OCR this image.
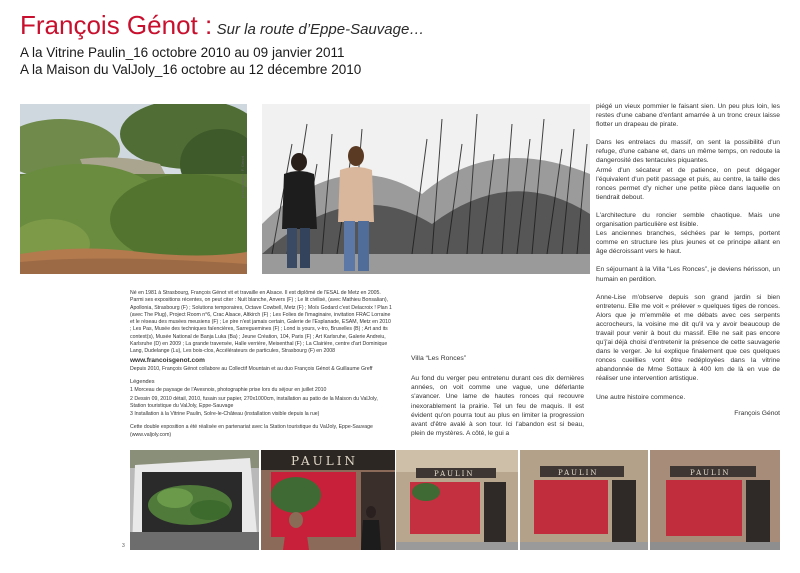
François Génot : Sur la route d’Eppe-Sauvage…
A la Vitrine Paulin_16 octobre 2010 au 09 janvier 2011
A la Maison du ValJoly_16 octobre au 12 décembre 2010
photographie : F. Génot

Né en 1981 à Strasbourg, François Génot vit et travaille en Alsace. Il est diplômé de l'ESAL de Metz en 2005. Parmi ses expositions récentes, on peut citer : Nuit blanche, Anvers (F) ; Le lit civilisé, (avec Mathieu Bonsalian), Apollonia, Strasbourg (F) ; Solutions temporaires, Octave Cowbell, Metz (F) ; Moïs Godard c'est Delacroix ! Plan 1 (avec The Plug), Project Room n°6, Crac Alsace, Altkirch (F) ; Les Folies de l'imaginaire, invitation FRAC Lorraine et le réseau des musées meusiens (F) ; Le pire n'est jamais certain, Galerie de l'Esplanade, ESAM, Metz en 2010 ; Les Pas, Musée des techniques faïencières, Sarreguemines (F) ; Lond is yours, v-tro, Bruxelles (B) ; Art and its context(s), Musée National de Banja Luka (Ba) ; Jeune Création, 104, Paris (F) ; Art Karlsruhe, Galerie Andreiu, Karlsruhe (D) en 2009 ; La grande traversée, Halle verrière, Meisenthal (F) ; La Clairière, centre d'art Dominique Lang, Dudelange (Lu), Les bois-clos, Accélérateurs de particules, Strasbourg (F) en 2008

www.francoisgenot.com

Depuis 2010, François Génot collabore au Collectif Mountain et au duo François Génot & Guillaume Greff

Légendes

1 Morceau de paysage de l'Avesnois, photographie prise lors du séjour en juillet 2010

2 Dessin 09, 2010 détail, 2010, fusain sur papier, 270x1000cm, installation au patio de la Maison du ValJoly, Station touristique du ValJoly, Eppe-Sauvage

3 Installation à la Vitrine Paulin, Solre-le-Château (installation visible depuis la rue)

Cette double exposition a été réalisée en partenariat avec la Station touristique du ValJoly, Eppe-Sauvage (www.valjoly.com)

Villa “Les Ronces”

Au fond du verger peu entretenu durant ces dix dernières années, on voit comme une vague, une déferlante s'avancer. Une lame de hautes ronces qui recouvre inexorablement la prairie. Tel un feu de maquis. Il est évident qu'on pourra tout au plus en limiter la progression avant d'être avalé à son tour. Ici l'abandon est si beau, plein de mystères. A côté, le gui a

piégé un vieux pommier le faisant sien. Un peu plus loin, les restes d'une cabane d'enfant amarrée à un tronc creux laisse flotter un drapeau de pirate.

Dans les entrelacs du massif, on sent la possibilité d'un refuge, d'une cabane et, dans un même temps, on redoute la dangerosité des tentacules piquantes.

Armé d'un sécateur et de patience, on peut dégager l'équivalent d'un petit passage et puis, au centre, la taille des ronces permet d'y nicher une petite pièce dans laquelle on tiendrait debout.

L'architecture du roncier semble chaotique. Mais une organisation particulière est lisible.

Les anciennes branches, séchées par le temps, portent comme en structure les plus jeunes et ce principe allant en âge décroissant vers le haut.

En séjournant à la Villa “Les Ronces”, je deviens hérisson, un humain en perdition.

Anne-Lise m'observe depuis son grand jardin si bien entretenu. Elle me voit « prélever » quelques tiges de ronces. Alors que je m'emmêle et me débats avec ces serpents accrocheurs, la voisine me dit qu'il va y avoir beaucoup de travail pour venir à bout du massif. Elle ne sait pas encore qu'j'ai déjà choisi d'entretenir la présence de cette sauvagerie dans le verger. Je lui explique finalement que ces quelques ronces cueillies vont être redéployées dans la vitrine abandonnée de Mme Sottaux à 400 km de là en vue de réaliser une intervention artistique.

Une autre histoire commence.

François Génot
PAULIN
PAULIN	PAULIN	PAULIN
3
